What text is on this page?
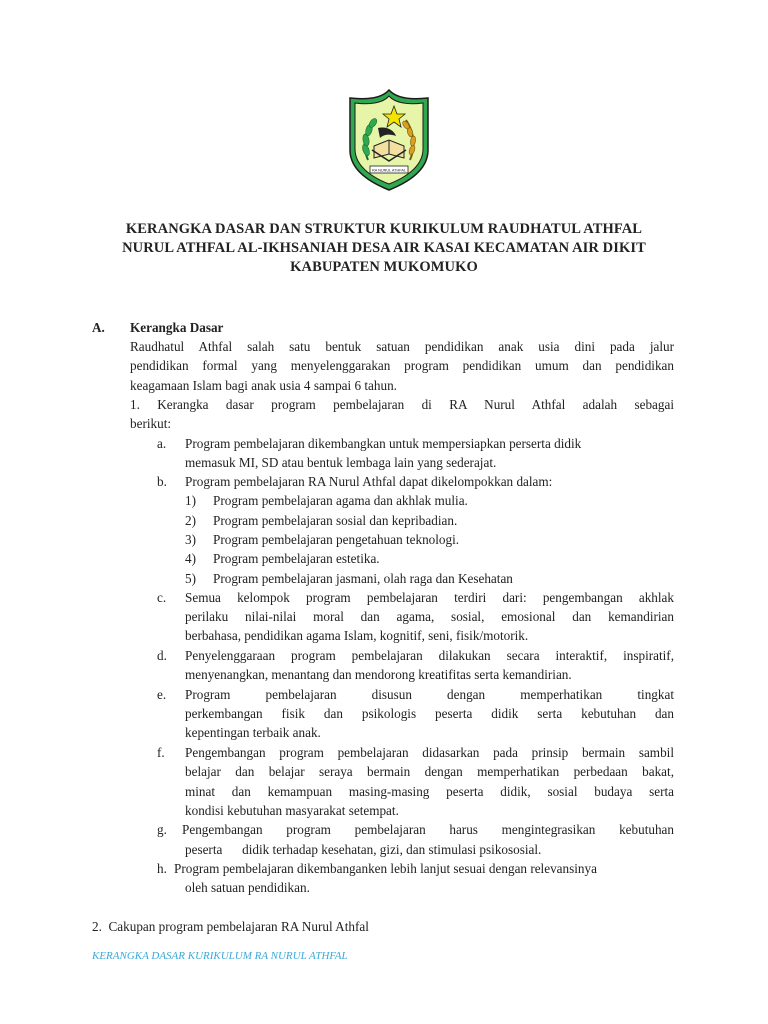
RA NURUL ATHFAL
KERANGKA DASAR DAN STRUKTUR KURIKULUM RAUDHATUL ATHFAL
NURUL ATHFAL AL-IKHSANIAH DESA AIR KASAI KECAMATAN AIR DIKIT
KABUPATEN MUKOMUKO
A. Kerangka Dasar
Raudhatul Athfal salah satu bentuk satuan pendidikan anak usia dini pada jalur
pendidikan formal yang menyelenggarakan program pendidikan umum dan pendidikan
keagamaan Islam bagi anak usia 4 sampai 6 tahun.
1. Kerangka dasar program pembelajaran di RA Nurul Athfal adalah sebagai
berikut:
a. Program pembelajaran dikembangkan untuk mempersiapkan perserta didik
memasuk MI, SD atau bentuk lembaga lain yang sederajat.
b. Program pembelajaran RA Nurul Athfal dapat dikelompokkan dalam:
1) Program pembelajaran agama dan akhlak mulia.
2) Program pembelajaran sosial dan kepribadian.
3) Program pembelajaran pengetahuan teknologi.
4) Program pembelajaran estetika.
5) Program pembelajaran jasmani, olah raga dan Kesehatan
c. Semua kelompok program pembelajaran terdiri dari: pengembangan akhlak
perilaku nilai-nilai moral dan agama, sosial, emosional dan kemandirian
berbahasa, pendidikan agama Islam, kognitif, seni, fisik/motorik.
d. Penyelenggaraan program pembelajaran dilakukan secara interaktif, inspiratif,
menyenangkan, menantang dan mendorong kreatifitas serta kemandirian.
e. Program pembelajaran disusun dengan memperhatikan tingkat
perkembangan fisik dan psikologis peserta didik serta kebutuhan dan
kepentingan terbaik anak.
f. Pengembangan program pembelajaran didasarkan pada prinsip bermain sambil
belajar dan belajar seraya bermain dengan memperhatikan perbedaan bakat,
minat dan kemampuan masing-masing peserta didik, sosial budaya serta
kondisi kebutuhan masyarakat setempat.
g. Pengembangan program pembelajaran harus mengintegrasikan kebutuhan
peserta      didik terhadap kesehatan, gizi, dan stimulasi psikososial.
h. Program pembelajaran dikembanganken lebih lanjut sesuai dengan relevansinya
oleh satuan pendidikan.
2.  Cakupan program pembelajaran RA Nurul Athfal
KERANGKA DASAR KURIKULUM RA NURUL ATHFAL
